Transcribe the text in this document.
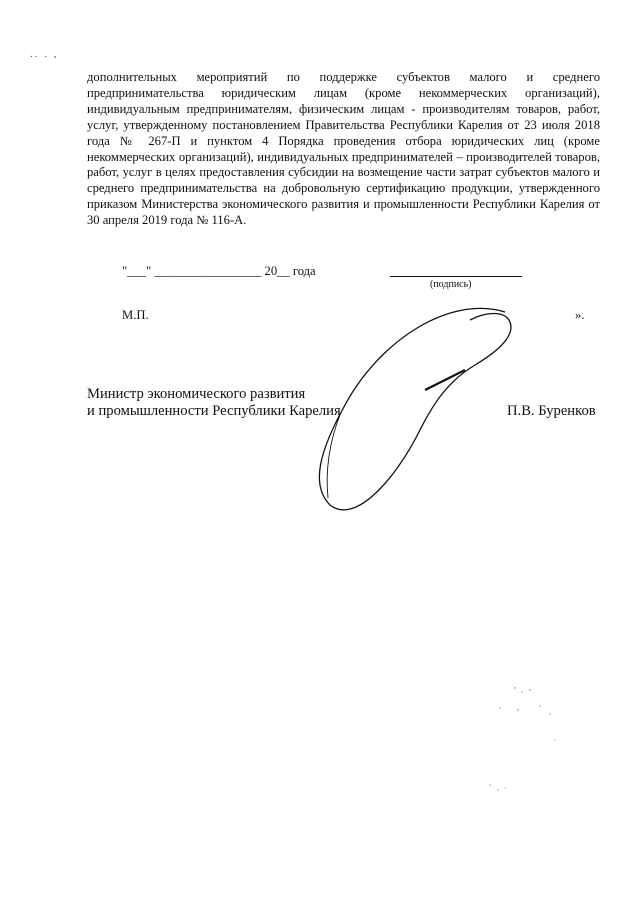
.. . ,
дополнительных мероприятий по поддержке субъектов малого и среднего предпринимательства юридическим лицам (кроме некоммерческих организаций), индивидуальным предпринимателям, физическим лицам - производителям товаров, работ, услуг, утвержденному постановлением Правительства Республики Карелия от 23 июля 2018 года № 267-П и пунктом 4 Порядка проведения отбора юридических лиц (кроме некоммерческих организаций), индивидуальных предпринимателей – производителей товаров, работ, услуг в целях предоставления субсидии на возмещение части затрат субъектов малого и среднего предпринимательства на добровольную сертификацию продукции, утвержденного приказом Министерства экономического развития и промышленности Республики Карелия от 30 апреля 2019 года № 116-А.
"___" _________________ 20__ года
(подпись)
М.П.	».
Министр экономического развития
и промышленности Республики Карелия	П.В. Буренков
